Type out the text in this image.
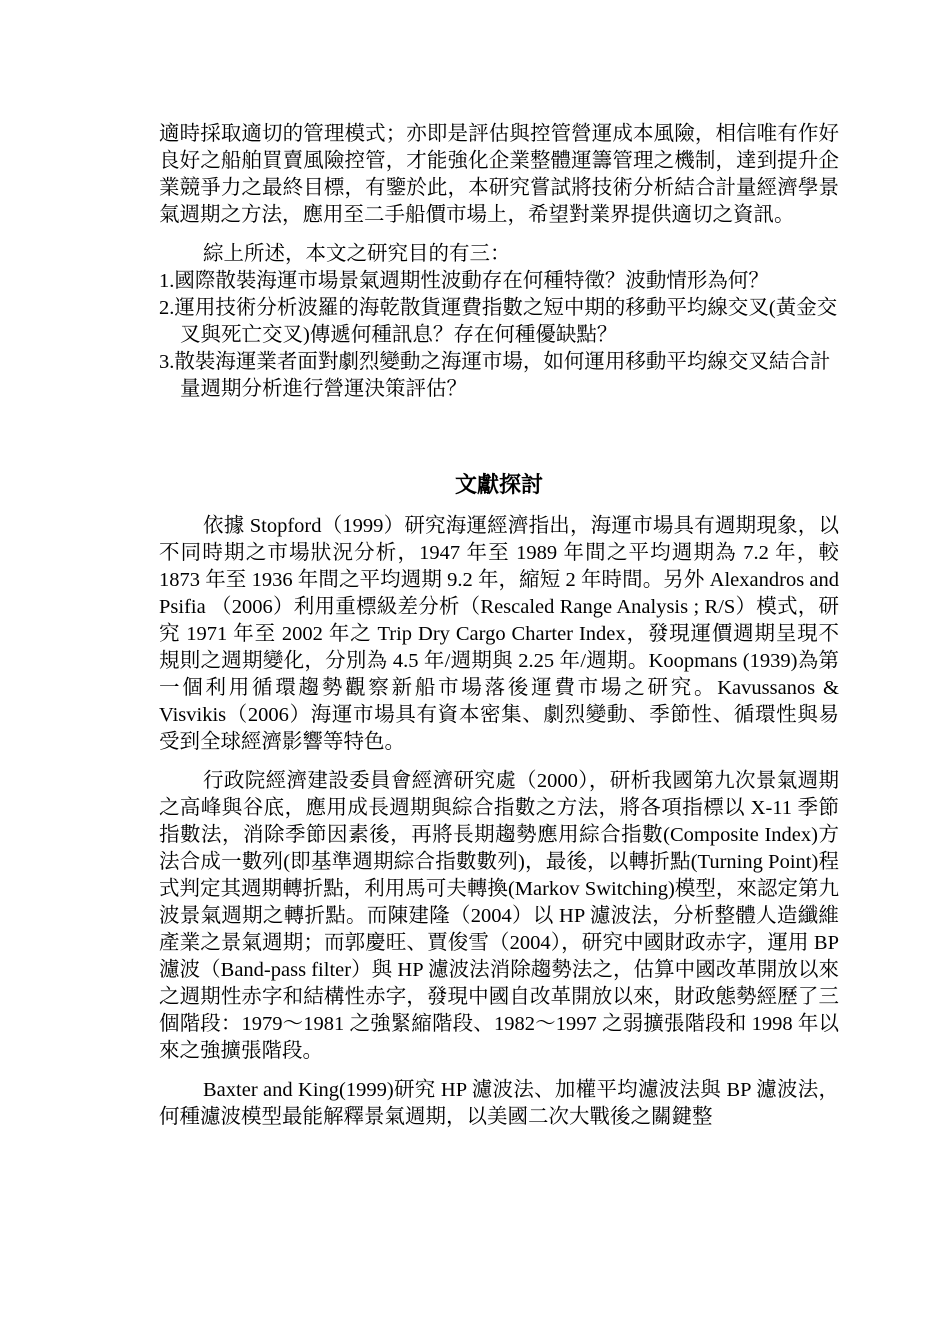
適時採取適切的管理模式；亦即是評估與控管營運成本風險，相信唯有作好良好之船舶買賣風險控管，才能強化企業整體運籌管理之機制，達到提升企業競爭力之最終目標，有鑒於此，本研究嘗試將技術分析結合計量經濟學景氣週期之方法，應用至二手船價市場上，希望對業界提供適切之資訊。

綜上所述，本文之研究目的有三：

1.國際散裝海運市場景氣週期性波動存在何種特徵？波動情形為何？

2.運用技術分析波羅的海乾散貨運費指數之短中期的移動平均線交叉(黃金交叉與死亡交叉)傳遞何種訊息？存在何種優缺點？

3.散裝海運業者面對劇烈變動之海運市場，如何運用移動平均線交叉結合計量週期分析進行營運決策評估？

文獻探討

依據 Stopford（1999）研究海運經濟指出，海運市場具有週期現象，以不同時期之市場狀況分析，1947 年至 1989 年間之平均週期為 7.2 年，較 1873 年至 1936 年間之平均週期 9.2 年，縮短 2 年時間。另外 Alexandros and Psifia （2006）利用重標級差分析（Rescaled Range Analysis ; R/S）模式，研究 1971 年至 2002 年之 Trip Dry Cargo Charter Index，發現運價週期呈現不規則之週期變化，分別為 4.5 年/週期與 2.25 年/週期。Koopmans (1939)為第一個利用循環趨勢觀察新船市場落後運費市場之研究。Kavussanos & Visvikis（2006）海運市場具有資本密集、劇烈變動、季節性、循環性與易受到全球經濟影響等特色。

行政院經濟建設委員會經濟研究處（2000），研析我國第九次景氣週期之高峰與谷底，應用成長週期與綜合指數之方法，將各項指標以 X-11 季節指數法，消除季節因素後，再將長期趨勢應用綜合指數(Composite Index)方法合成一數列(即基準週期綜合指數數列)，最後，以轉折點(Turning Point)程式判定其週期轉折點，利用馬可夫轉換(Markov Switching)模型，來認定第九波景氣週期之轉折點。而陳建隆（2004）以 HP 濾波法，分析整體人造纖維產業之景氣週期；而郭慶旺、賈俊雪（2004），研究中國財政赤字，運用 BP 濾波（Band-pass filter）與 HP 濾波法消除趨勢法之，估算中國改革開放以來之週期性赤字和結構性赤字，發現中國自改革開放以來，財政態勢經歷了三個階段：1979～1981 之強緊縮階段、1982～1997 之弱擴張階段和 1998 年以來之強擴張階段。

Baxter and King(1999)研究 HP 濾波法、加權平均濾波法與 BP 濾波法，何種濾波模型最能解釋景氣週期，以美國二次大戰後之關鍵整
